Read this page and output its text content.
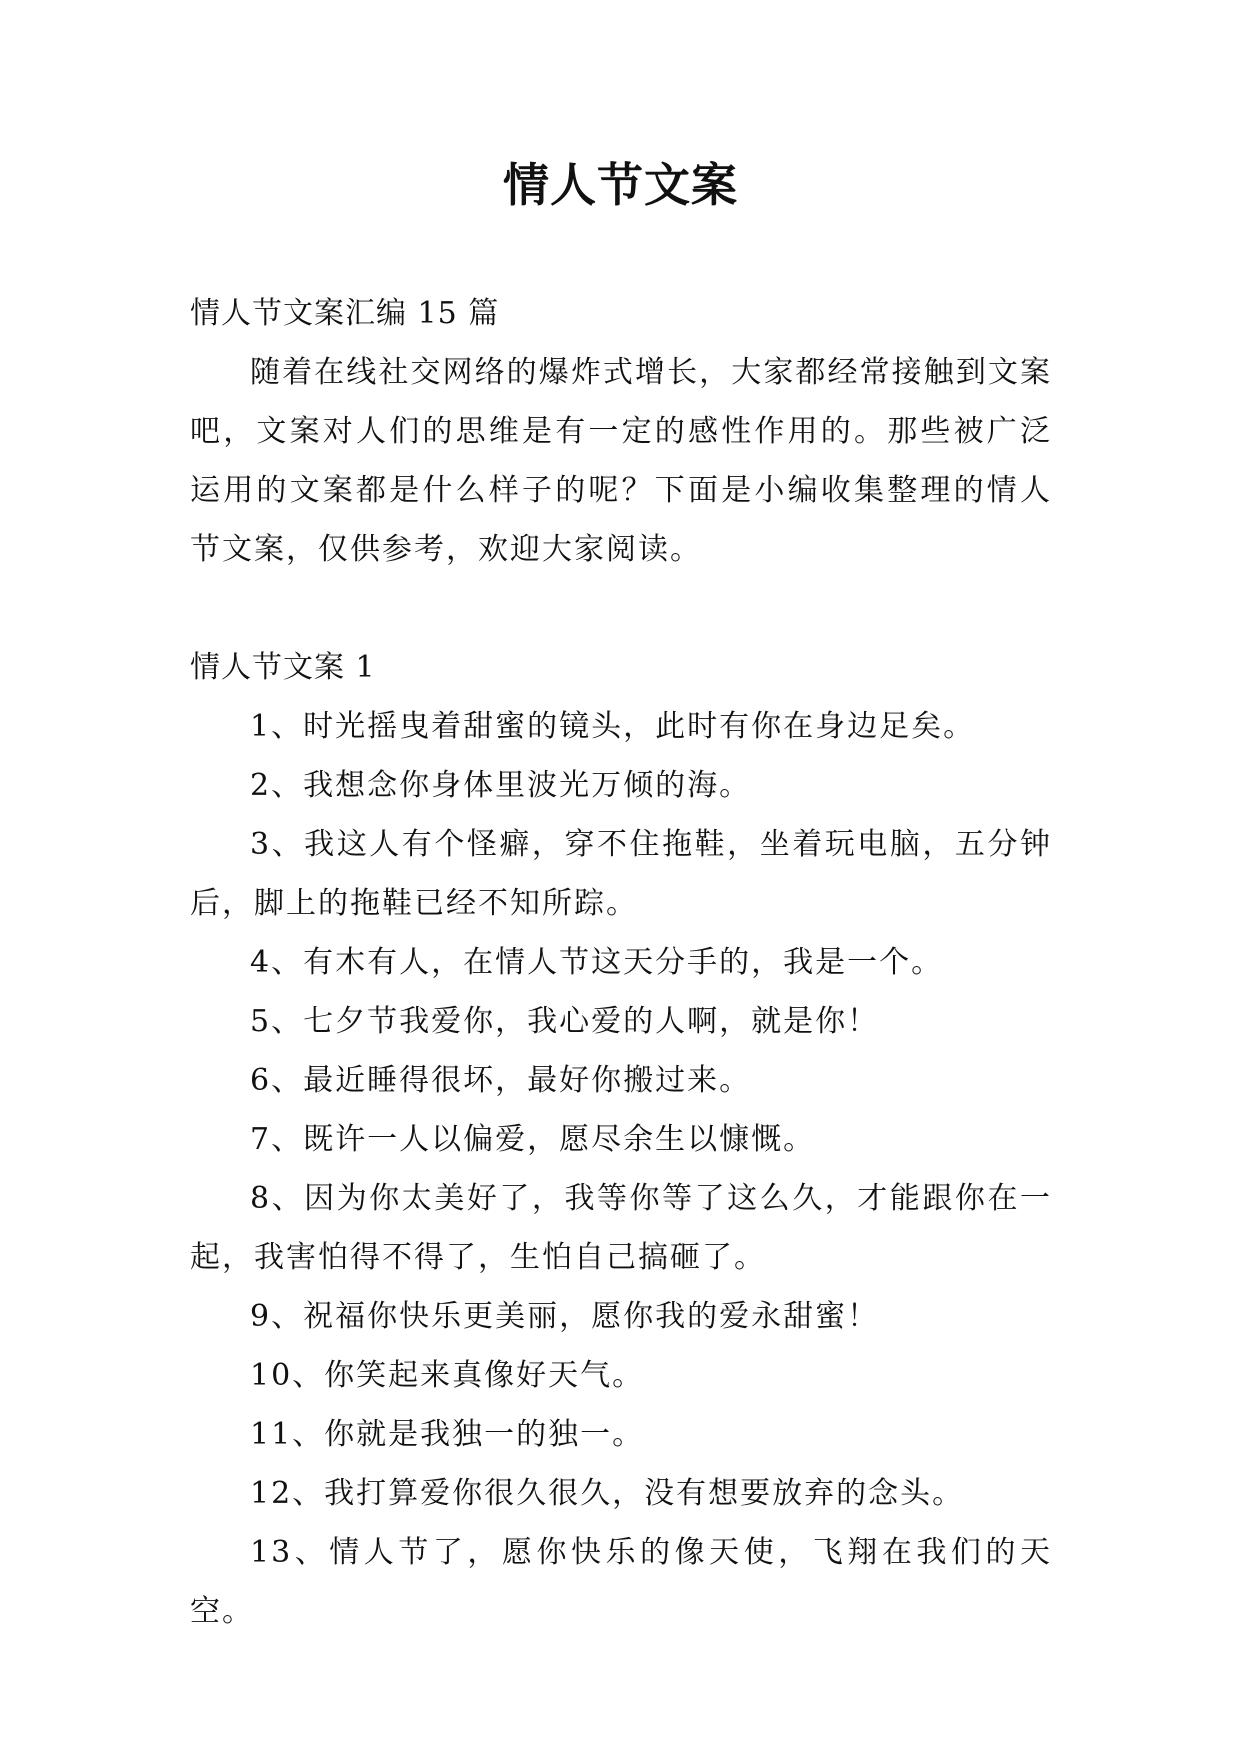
情人节文案

情人节文案汇编 15 篇

随着在线社交网络的爆炸式增长，大家都经常接触到文案吧，文案对人们的思维是有一定的感性作用的。那些被广泛运用的文案都是什么样子的呢？下面是小编收集整理的情人节文案，仅供参考，欢迎大家阅读。

情人节文案 1

1、时光摇曳着甜蜜的镜头，此时有你在身边足矣。

2、我想念你身体里波光万倾的海。

3、我这人有个怪癖，穿不住拖鞋，坐着玩电脑，五分钟后，脚上的拖鞋已经不知所踪。

4、有木有人，在情人节这天分手的，我是一个。

5、七夕节我爱你，我心爱的人啊，就是你！

6、最近睡得很坏，最好你搬过来。

7、既许一人以偏爱，愿尽余生以慷慨。

8、因为你太美好了，我等你等了这么久，才能跟你在一起，我害怕得不得了，生怕自己搞砸了。

9、祝福你快乐更美丽，愿你我的爱永甜蜜！

10、你笑起来真像好天气。

11、你就是我独一的独一。

12、我打算爱你很久很久，没有想要放弃的念头。

13、情人节了，愿你快乐的像天使，飞翔在我们的天空。
